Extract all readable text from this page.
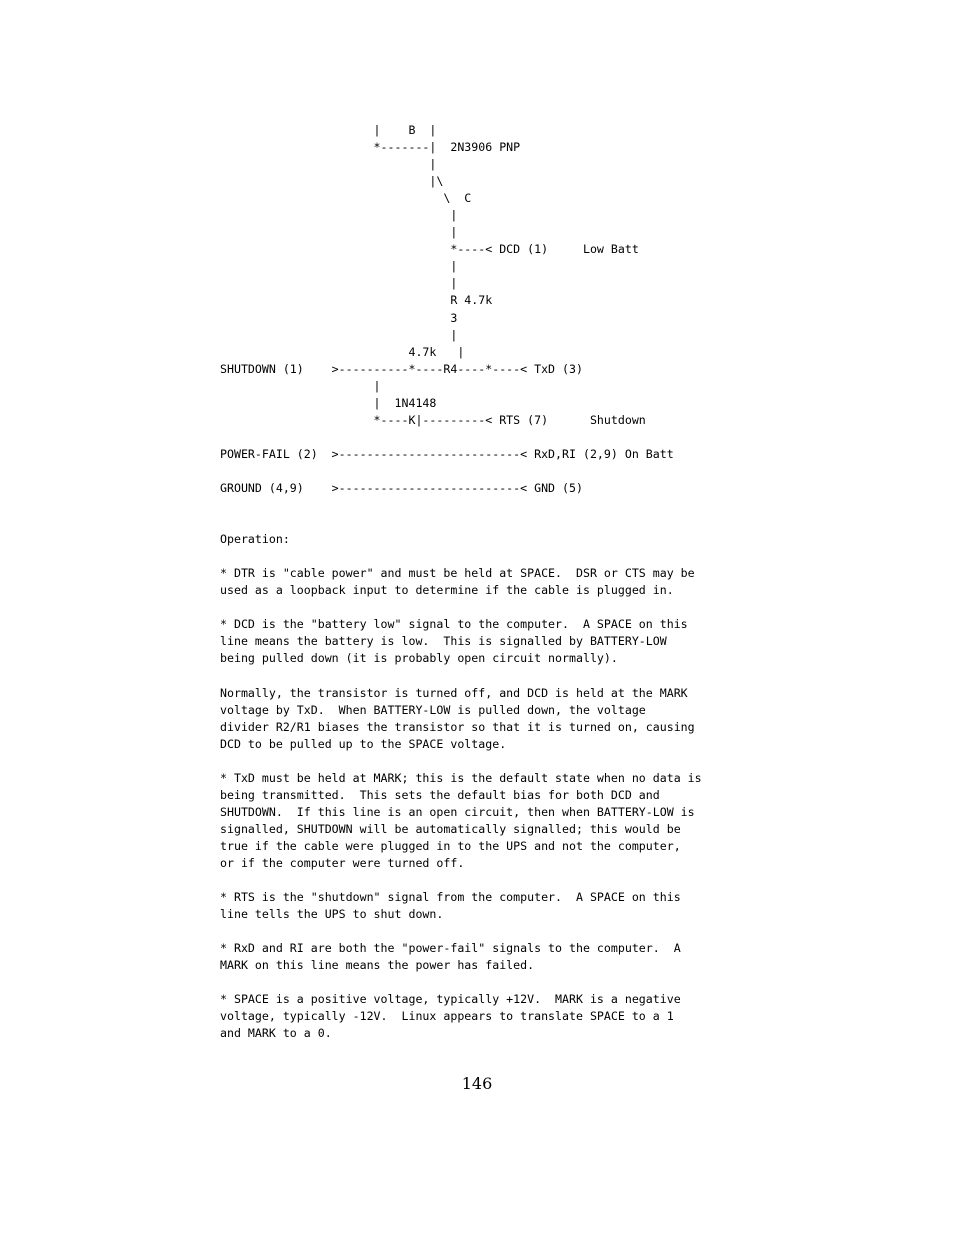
|    B  |
*-------|  2N3906 PNP
|
|\
\  C
|
|
*----< DCD (1)     Low Batt
|
|
R 4.7k
3
|
4.7k   |
SHUTDOWN (1)    >----------*----R4----*----< TxD (3)
|
|  1N4148
*----K|---------< RTS (7)      Shutdown
POWER-FAIL (2)  >--------------------------< RxD,RI (2,9) On Batt
GROUND (4,9)    >--------------------------< GND (5)
Operation:
* DTR is "cable power" and must be held at SPACE.  DSR or CTS may be
used as a loopback input to determine if the cable is plugged in.
* DCD is the "battery low" signal to the computer.  A SPACE on this
line means the battery is low.  This is signalled by BATTERY-LOW
being pulled down (it is probably open circuit normally).
Normally, the transistor is turned off, and DCD is held at the MARK
voltage by TxD.  When BATTERY-LOW is pulled down, the voltage
divider R2/R1 biases the transistor so that it is turned on, causing
DCD to be pulled up to the SPACE voltage.
* TxD must be held at MARK; this is the default state when no data is
being transmitted.  This sets the default bias for both DCD and
SHUTDOWN.  If this line is an open circuit, then when BATTERY-LOW is
signalled, SHUTDOWN will be automatically signalled; this would be
true if the cable were plugged in to the UPS and not the computer,
or if the computer were turned off.
* RTS is the "shutdown" signal from the computer.  A SPACE on this
line tells the UPS to shut down.
* RxD and RI are both the "power-fail" signals to the computer.  A
MARK on this line means the power has failed.
* SPACE is a positive voltage, typically +12V.  MARK is a negative
voltage, typically -12V.  Linux appears to translate SPACE to a 1
and MARK to a 0.
146
